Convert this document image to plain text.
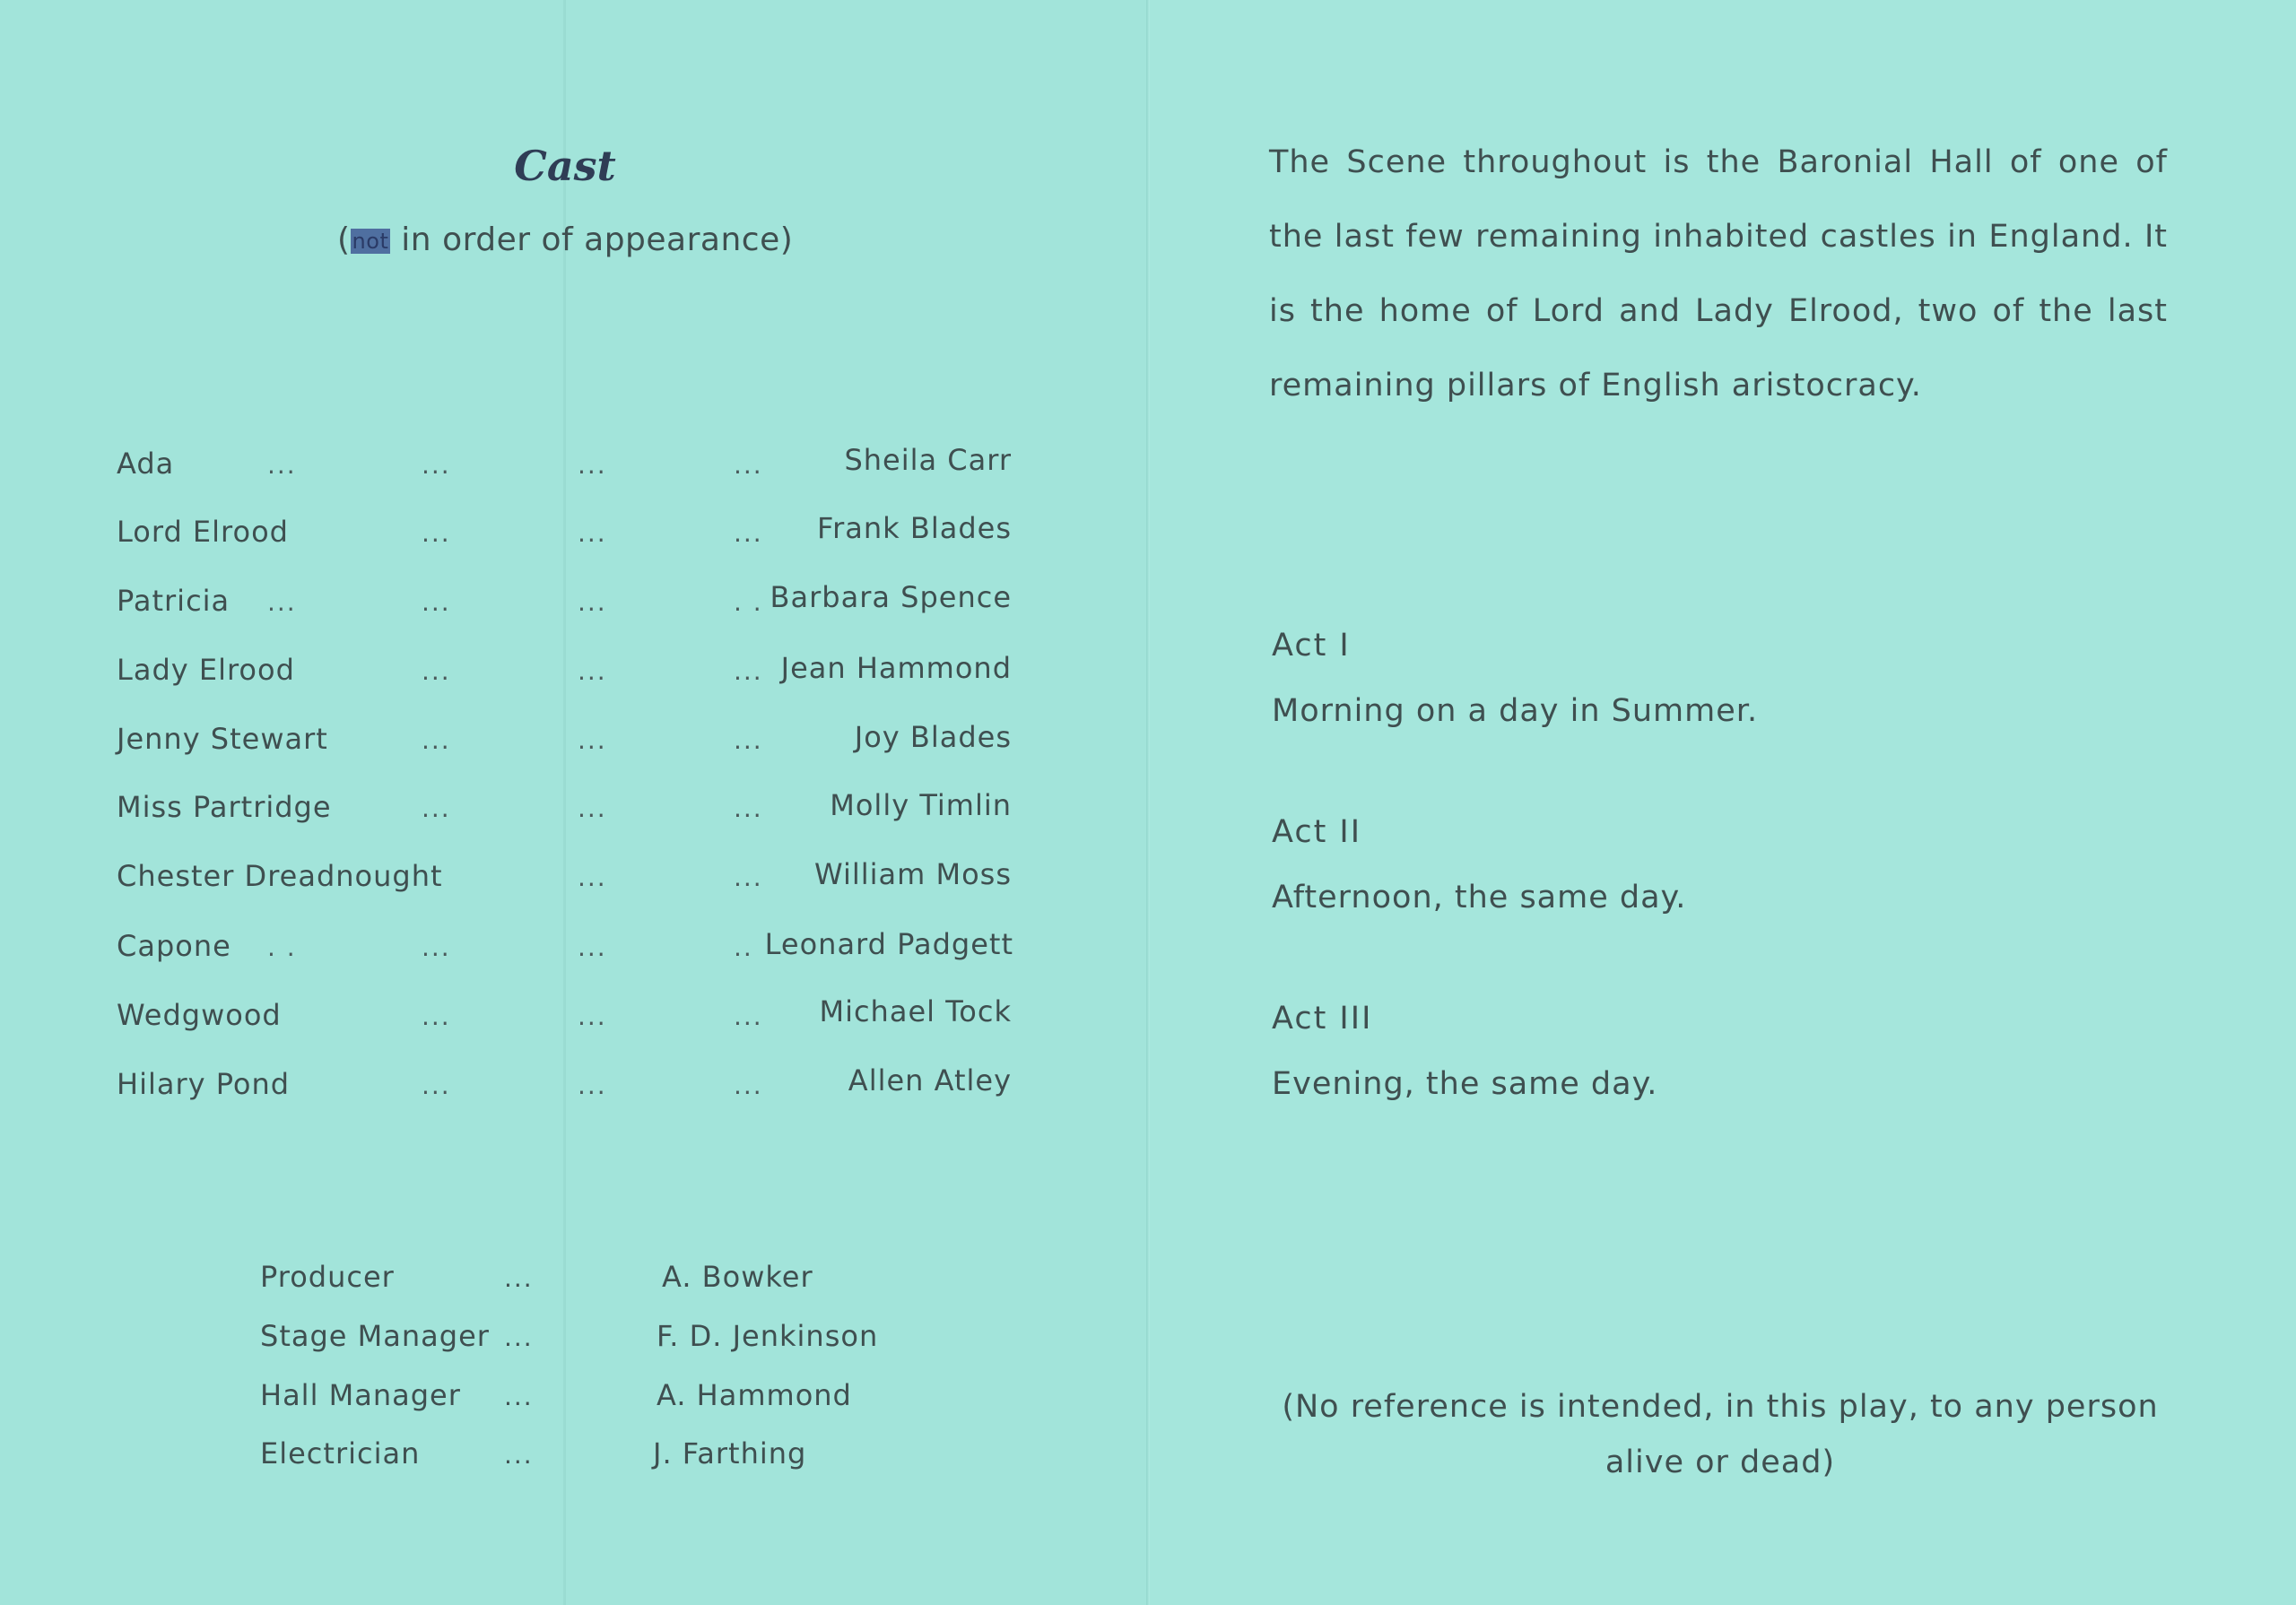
Cast
(not in order of appearance)
Ada	...	...	...	...	Sheila Carr
Lord Elrood	...	...	... Frank Blades
Patricia ...	...	...	. . Barbara Spence
Lady Elrood	...	...	... Jean Hammond
Jenny Stewart	...	...	...	Joy Blades
Miss Partridge	...	...	... Molly Timlin
Chester Dreadnought	...	... William Moss
Capone . .	...	...	.. Leonard Padgett
Wedgwood	...	...	... Michael Tock
Hilary Pond	...	...	...	Allen Atley
Producer	...	A. Bowker
Stage Manager ...	F. D. Jenkinson
Hall Manager ...	A. Hammond
Electrician	...	J. Farthing
The Scene throughout is the Baronial Hall of one of the last few remaining inhabited castles in England. It is the home of Lord and Lady Elrood, two of the last remaining pillars of English aristocracy.
Act I
Morning on a day in Summer.
Act II
Afternoon, the same day.
Act III
Evening, the same day.
(No reference is intended, in this play, to any person
alive or dead)
